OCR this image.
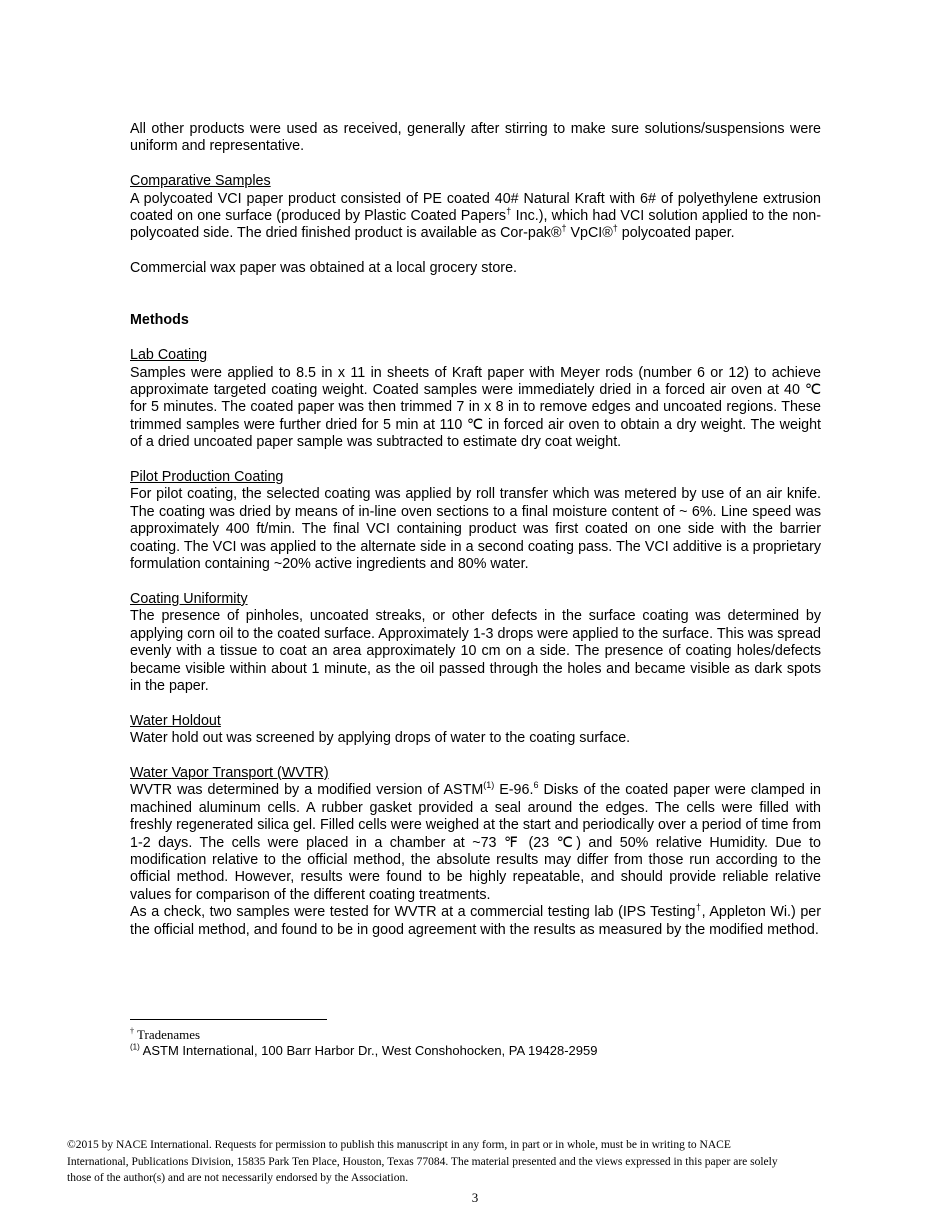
All other products were used as received, generally after stirring to make sure solutions/suspensions were uniform and representative.

Comparative Samples

A polycoated VCI paper product consisted of PE coated 40# Natural Kraft with 6# of polyethylene extrusion coated on one surface (produced by Plastic Coated Papers† Inc.), which had VCI solution applied to the non-polycoated side. The dried finished product is available as Cor-pak®† VpCI®† polycoated paper.

Commercial wax paper was obtained at a local grocery store.

Methods

Lab Coating

Samples were applied to 8.5 in x 11 in sheets of Kraft paper with Meyer rods (number 6 or 12) to achieve approximate targeted coating weight. Coated samples were immediately dried in a forced air oven at 40 ℃ for 5 minutes. The coated paper was then trimmed 7 in x 8 in to remove edges and uncoated regions. These trimmed samples were further dried for 5 min at 110 ℃ in forced air oven to obtain a dry weight. The weight of a dried uncoated paper sample was subtracted to estimate dry coat weight.

Pilot Production Coating

For pilot coating, the selected coating was applied by roll transfer which was metered by use of an air knife. The coating was dried by means of in-line oven sections to a final moisture content of ~ 6%. Line speed was approximately 400 ft/min. The final VCI containing product was first coated on one side with the barrier coating. The VCI was applied to the alternate side in a second coating pass. The VCI additive is a proprietary formulation containing ~20% active ingredients and 80% water.

Coating Uniformity

The presence of pinholes, uncoated streaks, or other defects in the surface coating was determined by applying corn oil to the coated surface. Approximately 1-3 drops were applied to the surface. This was spread evenly with a tissue to coat an area approximately 10 cm on a side. The presence of coating holes/defects became visible within about 1 minute, as the oil passed through the holes and became visible as dark spots in the paper.

Water Holdout

Water hold out was screened by applying drops of water to the coating surface.

Water Vapor Transport (WVTR)

WVTR was determined by a modified version of ASTM$^{(1)}$ E-96.$^6$ Disks of the coated paper were clamped in machined aluminum cells. A rubber gasket provided a seal around the edges. The cells were filled with freshly regenerated silica gel. Filled cells were weighed at the start and periodically over a period of time from 1-2 days. The cells were placed in a chamber at ~73 ℉ (23 ℃) and 50% relative Humidity. Due to modification relative to the official method, the absolute results may differ from those run according to the official method. However, results were found to be highly repeatable, and should provide reliable relative values for comparison of the different coating treatments.

As a check, two samples were tested for WVTR at a commercial testing lab (IPS Testing†, Appleton Wi.) per the official method, and found to be in good agreement with the results as measured by the modified method.

† Tradenames

$^{(1)}$ ASTM International, 100 Barr Harbor Dr., West Conshohocken, PA 19428-2959

©2015 by NACE International. Requests for permission to publish this manuscript in any form, in part or in whole, must be in writing to NACE International, Publications Division, 15835 Park Ten Place, Houston, Texas 77084. The material presented and the views expressed in this paper are solely those of the author(s) and are not necessarily endorsed by the Association.

3
